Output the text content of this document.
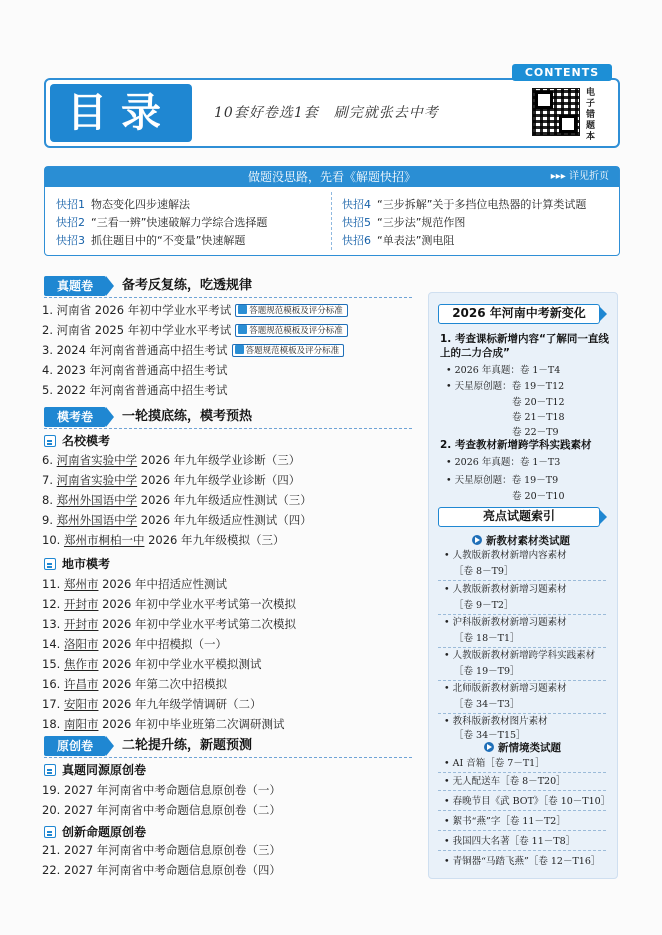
CONTENTS
目录	10套好卷选1套　刷完就张去中考
电子错题本
做题没思路，先看《解题快招》	▸▸▸ 详见折页
快招1 物态变化四步速解法
快招2 “三看一辨”快速破解力学综合选择题
快招3 抓住题目中的“不变量”快速解题
快招4 “三步拆解”关于多挡位电热器的计算类试题
快招5 “三步法”规范作图
快招6 “单表法”测电阻
真题卷	备考反复练，吃透规律
1. 河南省 2026 年初中学业水平考试 答题规范模板及评分标准
2. 河南省 2025 年初中学业水平考试 答题规范模板及评分标准
3. 2024 年河南省普通高中招生考试 答题规范模板及评分标准
4. 2023 年河南省普通高中招生考试
5. 2022 年河南省普通高中招生考试
模考卷	一轮摸底练，模考预热
名校模考
6. 河南省实验中学 2026 年九年级学业诊断（三）
7. 河南省实验中学 2026 年九年级学业诊断（四）
8. 郑州外国语中学 2026 年九年级适应性测试（三）
9. 郑州外国语中学 2026 年九年级适应性测试（四）
10. 郑州市桐柏一中 2026 年九年级模拟（三）
地市模考
11. 郑州市 2026 年中招适应性测试
12. 开封市 2026 年初中学业水平考试第一次模拟
13. 开封市 2026 年初中学业水平考试第二次模拟
14. 洛阳市 2026 年中招模拟（一）
15. 焦作市 2026 年初中学业水平模拟测试
16. 许昌市 2026 年第二次中招模拟
17. 安阳市 2026 年九年级学情调研（二）
18. 南阳市 2026 年初中毕业班第二次调研测试
原创卷	二轮提升练，新题预测
真题同源原创卷
19. 2027 年河南省中考命题信息原创卷（一）
20. 2027 年河南省中考命题信息原创卷（二）
创新命题原创卷
21. 2027 年河南省中考命题信息原创卷（三）
22. 2027 年河南省中考命题信息原创卷（四）
2026 年河南中考新变化
1. 考查课标新增内容“了解同一直线上的二力合成”
• 2026 年真题：卷 1－T4
• 天星原创题：卷 19－T12
卷 20－T12
卷 21－T18
卷 22－T9
2. 考查教材新增跨学科实践素材
• 2026 年真题：卷 1－T3
• 天星原创题：卷 19－T9
卷 20－T10
亮点试题索引
新教材素材类试题
• 人教版新教材新增内容素材
［卷 8－T9］
• 人教版新教材新增习题素材
［卷 9－T2］
• 沪科版新教材新增习题素材
［卷 18－T1］
• 人教版新教材新增跨学科实践素材
［卷 19－T9］
• 北师版新教材新增习题素材
［卷 34－T3］
• 教科版新教材图片素材
［卷 34－T15］
新情境类试题
• AI 音箱［卷 7－T1］
• 无人配送车［卷 8－T20］
• 春晚节目《武 BOT》［卷 10－T10］
• 絮书“燕”字［卷 11－T2］
• 我国四大名著［卷 11－T8］
• 青铜器“马踏飞燕”［卷 12－T16］
